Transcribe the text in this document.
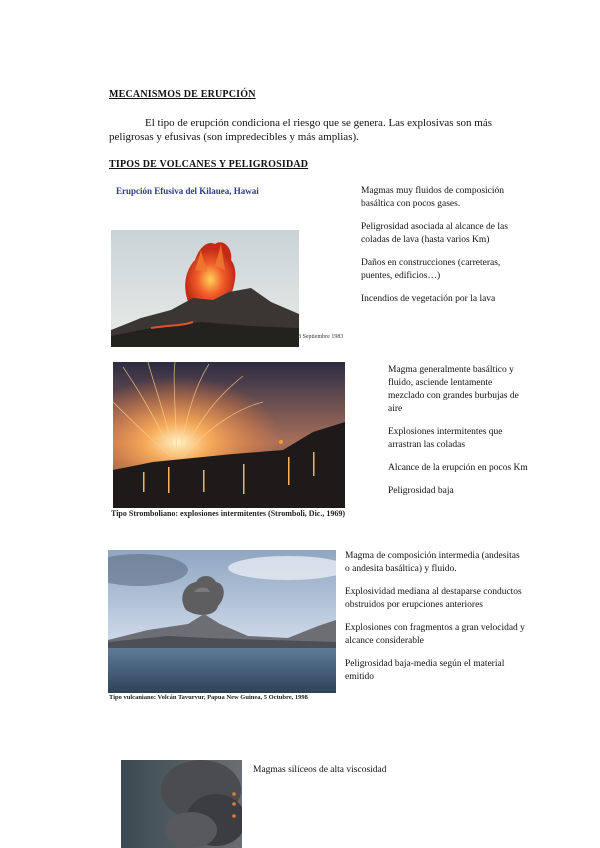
MECANISMOS DE ERUPCIÓN
El tipo de erupción condiciona el riesgo que se genera. Las explosivas son más
peligrosas y efusivas (son impredecibles y más amplias).
TIPOS DE VOLCANES Y PELIGROSIDAD
Erupción Efusiva del Kilauea, Hawai
8 Septiembre 1983

Magmas muy fluidos de composición basáltica con pocos gases.

Peligrosidad asociada al alcance de las coladas de lava (hasta varios Km)

Daños en construcciones (carreteras, puentes, edificios…)

Incendios de vegetación por la lava

Tipo Stromboliano: explosiones intermitentes (Stromboli, Dic., 1969)

Magma generalmente basáltico y fluido, asciende lentamente mezclado con grandes burbujas de aire

Explosiones intermitentes que arrastran las coladas

Alcance de la erupción en pocos Km

Peligrosidad baja

Tipo vulcaniano: Volcán Tavurvur, Papua New Guinea, 5 Octubre, 1998

Magma de composición intermedia (andesitas o andesita basáltica) y fluido.

Explosividad mediana al destaparse conductos obstruidos por erupciones anteriores

Explosiones con fragmentos a gran velocidad y alcance considerable

Peligrosidad baja-media según el material emitido

Magmas silíceos de alta viscosidad
